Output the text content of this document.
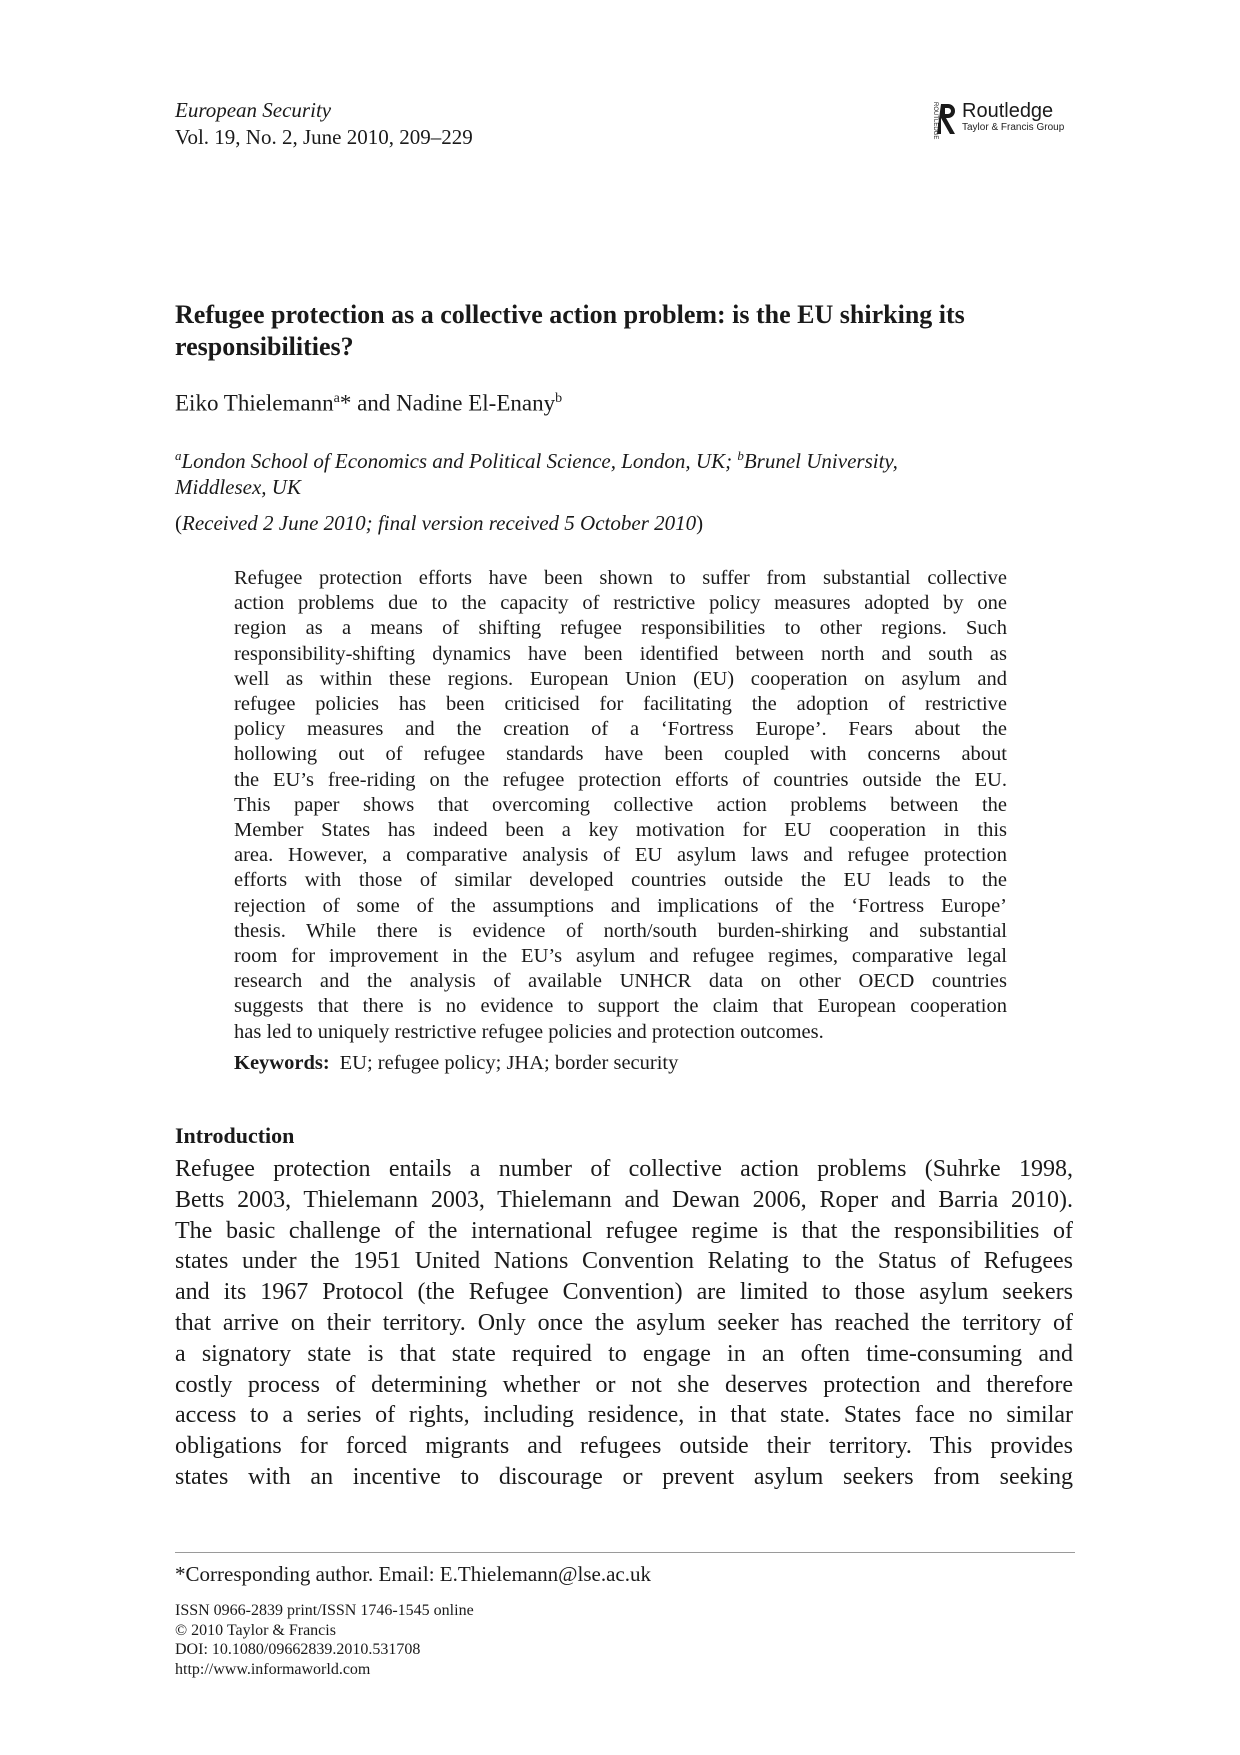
European Security
Vol. 19, No. 2, June 2010, 209–229	ROUTLEDGE Routledge
Taylor & Francis Group
Refugee protection as a collective action problem: is the EU shirking its
responsibilities?
Eiko Thielemann$^a$* and Nadine El-Enany$^b$
$^a$London School of Economics and Political Science, London, UK; $^b$Brunel University,
Middlesex, UK
(Received 2 June 2010; final version received 5 October 2010)
Refugee protection efforts have been shown to suffer from substantial collective
action problems due to the capacity of restrictive policy measures adopted by one
region as a means of shifting refugee responsibilities to other regions. Such
responsibility-shifting dynamics have been identified between north and south as
well as within these regions. European Union (EU) cooperation on asylum and
refugee policies has been criticised for facilitating the adoption of restrictive
policy measures and the creation of a ‘Fortress Europe’. Fears about the
hollowing out of refugee standards have been coupled with concerns about
the EU’s free-riding on the refugee protection efforts of countries outside the EU.
This paper shows that overcoming collective action problems between the
Member States has indeed been a key motivation for EU cooperation in this
area. However, a comparative analysis of EU asylum laws and refugee protection
efforts with those of similar developed countries outside the EU leads to the
rejection of some of the assumptions and implications of the ‘Fortress Europe’
thesis. While there is evidence of north/south burden-shirking and substantial
room for improvement in the EU’s asylum and refugee regimes, comparative legal
research and the analysis of available UNHCR data on other OECD countries
suggests that there is no evidence to support the claim that European cooperation
has led to uniquely restrictive refugee policies and protection outcomes.
Keywords: EU; refugee policy; JHA; border security
Introduction
Refugee protection entails a number of collective action problems (Suhrke 1998,
Betts 2003, Thielemann 2003, Thielemann and Dewan 2006, Roper and Barria 2010).
The basic challenge of the international refugee regime is that the responsibilities of
states under the 1951 United Nations Convention Relating to the Status of Refugees
and its 1967 Protocol (the Refugee Convention) are limited to those asylum seekers
that arrive on their territory. Only once the asylum seeker has reached the territory of
a signatory state is that state required to engage in an often time-consuming and
costly process of determining whether or not she deserves protection and therefore
access to a series of rights, including residence, in that state. States face no similar
obligations for forced migrants and refugees outside their territory. This provides
states with an incentive to discourage or prevent asylum seekers from seeking
*Corresponding author. Email: E.Thielemann@lse.ac.uk
ISSN 0966-2839 print/ISSN 1746-1545 online
© 2010 Taylor & Francis
DOI: 10.1080/09662839.2010.531708
http://www.informaworld.com
